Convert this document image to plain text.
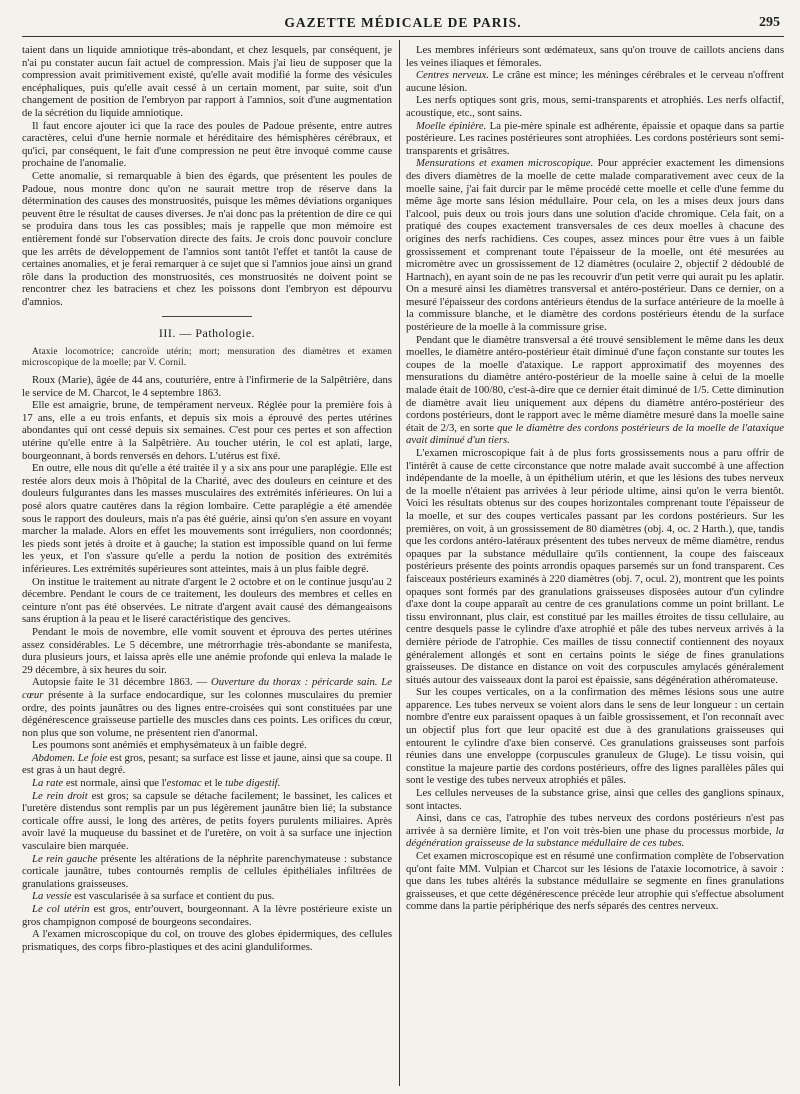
GAZETTE MÉDICALE DE PARIS.	295

taient dans un liquide amniotique très-abondant, et chez lesquels, par conséquent, je n'ai pu constater aucun fait actuel de compression. Mais j'ai lieu de supposer que la compression avait primitivement existé, qu'elle avait modifié la forme des vésicules encéphaliques, puis qu'elle avait cessé à un certain moment, par suite, soit d'un changement de position de l'embryon par rapport à l'amnios, soit d'une augmentation de la sécrétion du liquide amniotique.

Il faut encore ajouter ici que la race des poules de Padoue présente, entre autres caractères, celui d'une hernie normale et héréditaire des hémisphères cérébraux, et qu'ici, par conséquent, le fait d'une compression ne peut être invoqué comme cause prochaine de l'anomalie.

Cette anomalie, si remarquable à bien des égards, que présentent les poules de Padoue, nous montre donc qu'on ne saurait mettre trop de réserve dans la détermination des causes des monstruosités, puisque les mêmes déviations organiques peuvent être le résultat de causes diverses. Je n'ai donc pas la prétention de dire ce qui se produira dans tous les cas possibles; mais je rappelle que mon mémoire est entièrement fondé sur l'observation directe des faits. Je crois donc pouvoir conclure que les arrêts de développement de l'amnios sont tantôt l'effet et tantôt la cause de certaines anomalies, et je ferai remarquer à ce sujet que si l'amnios joue ainsi un grand rôle dans la production des monstruosités, ces monstruosités ne doivent point se rencontrer chez les batraciens et chez les poissons dont l'embryon est dépourvu d'amnios.

III. — Pathologie.
Ataxie locomotrice; cancroïde utérin; mort; mensuration des diamètres et examen microscopique de la moelle; par V. Cornil.

Roux (Marie), âgée de 44 ans, couturière, entre à l'infirmerie de la Salpêtrière, dans le service de M. Charcot, le 4 septembre 1863.

Elle est amaigrie, brune, de tempérament nerveux. Réglée pour la première fois à 17 ans, elle a eu trois enfants, et depuis six mois a éprouvé des pertes utérines abondantes qui ont cessé depuis six semaines. C'est pour ces pertes et son affection utérine qu'elle entre à la Salpêtrière. Au toucher utérin, le col est aplati, large, bourgeonnant, à bords renversés en dehors. L'utérus est fixé.

En outre, elle nous dit qu'elle a été traitée il y a six ans pour une paraplégie. Elle est restée alors deux mois à l'hôpital de la Charité, avec des douleurs en ceinture et des douleurs fulgurantes dans les masses musculaires des extrémités inférieures. On lui a posé alors quatre cautères dans la région lombaire. Cette paraplégie a été amendée sous le rapport des douleurs, mais n'a pas été guérie, ainsi qu'on s'en assure en voyant marcher la malade. Alors en effet les mouvements sont irréguliers, non coordonnés; les pieds sont jetés à droite et à gauche; la station est impossible quand on lui ferme les yeux, et l'on s'assure qu'elle a perdu la notion de position des extrémités inférieures. Les extrémités supérieures sont atteintes, mais à un plus faible degré.

On institue le traitement au nitrate d'argent le 2 octobre et on le continue jusqu'au 2 décembre. Pendant le cours de ce traitement, les douleurs des membres et celles en ceinture n'ont pas été observées. Le nitrate d'argent avait causé des démangeaisons sans éruption à la peau et le liseré caractéristique des gencives.

Pendant le mois de novembre, elle vomit souvent et éprouva des pertes utérines assez considérables. Le 5 décembre, une métrorrhagie très-abondante se manifesta, dura plusieurs jours, et laissa après elle une anémie profonde qui enleva la malade le 29 décembre, à six heures du soir.

Autopsie faite le 31 décembre 1863. — Ouverture du thorax : péricarde sain. Le cœur présente à la surface endocardique, sur les colonnes musculaires du premier ordre, des points jaunâtres ou des lignes entre-croisées qui sont constituées par une dégénérescence graisseuse partielle des muscles dans ces points. Les orifices du cœur, non plus que son volume, ne présentent rien d'anormal.

Les poumons sont anémiés et emphysémateux à un faible degré.

Abdomen. Le foie est gros, pesant; sa surface est lisse et jaune, ainsi que sa coupe. Il est gras à un haut degré.

La rate est normale, ainsi que l'estomac et le tube digestif.

Le rein droit est gros; sa capsule se détache facilement; le bassinet, les calices et l'uretère distendus sont remplis par un pus légèrement jaunâtre bien lié; la substance corticale offre aussi, le long des artères, de petits foyers purulents miliaires. Après avoir lavé la muqueuse du bassinet et de l'uretère, on voit à sa surface une injection vasculaire bien marquée.

Le rein gauche présente les altérations de la néphrite parenchymateuse : substance corticale jaunâtre, tubes contournés remplis de cellules épithéliales infiltrées de granulations graisseuses.

La vessie est vascularisée à sa surface et contient du pus.

Le col utérin est gros, entr'ouvert, bourgeonnant. A la lèvre postérieure existe un gros champignon composé de bourgeons secondaires.

A l'examen microscopique du col, on trouve des globes épidermiques, des cellules prismatiques, des corps fibro-plastiques et des acini glanduliformes.

Les membres inférieurs sont œdémateux, sans qu'on trouve de caillots anciens dans les veines iliaques et fémorales.

Centres nerveux. Le crâne est mince; les méninges cérébrales et le cerveau n'offrent aucune lésion.

Les nerfs optiques sont gris, mous, semi-transparents et atrophiés. Les nerfs olfactif, acoustique, etc., sont sains.

Moelle épinière. La pie-mère spinale est adhérente, épaissie et opaque dans sa partie postérieure. Les racines postérieures sont atrophiées. Les cordons postérieurs sont semi-transparents et grisâtres.

Mensurations et examen microscopique. Pour apprécier exactement les dimensions des divers diamètres de la moelle de cette malade comparativement avec ceux de la moelle saine, j'ai fait durcir par le même procédé cette moelle et celle d'une femme du même âge morte sans lésion médullaire. Pour cela, on les a mises deux jours dans l'alcool, puis deux ou trois jours dans une solution d'acide chromique. Cela fait, on a pratiqué des coupes exactement transversales de ces deux moelles à chacune des origines des nerfs rachidiens. Ces coupes, assez minces pour être vues à un faible grossissement et comprenant toute l'épaisseur de la moelle, ont été mesurées au micromètre avec un grossissement de 12 diamètres (oculaire 2, objectif 2 dédoublé de Hartnach), en ayant soin de ne pas les recouvrir d'un petit verre qui aurait pu les aplatir. On a mesuré ainsi les diamètres transversal et antéro-postérieur. Dans ce dernier, on a mesuré l'épaisseur des cordons antérieurs étendus de la surface antérieure de la moelle à la commissure blanche, et le diamètre des cordons postérieurs étendu de la surface postérieure de la moelle à la commissure grise.

Pendant que le diamètre transversal a été trouvé sensiblement le même dans les deux moelles, le diamètre antéro-postérieur était diminué d'une façon constante sur toutes les coupes de la moelle d'ataxique. Le rapport approximatif des moyennes des mensurations du diamètre antéro-postérieur de la moelle saine à celui de la moelle malade était de 100/80, c'est-à-dire que ce dernier était diminué de 1/5. Cette diminution de diamètre avait lieu uniquement aux dépens du diamètre antéro-postérieur des cordons postérieurs, dont le rapport avec le même diamètre mesuré dans la moelle saine était de 2/3, en sorte que le diamètre des cordons postérieurs de la moelle de l'ataxique avait diminué d'un tiers.

L'examen microscopique fait à de plus forts grossissements nous a paru offrir de l'intérêt à cause de cette circonstance que notre malade avait succombé à une affection indépendante de la moelle, à un épithélium utérin, et que les lésions des tubes nerveux de la moelle n'étaient pas arrivées à leur période ultime, ainsi qu'on le verra bientôt. Voici les résultats obtenus sur des coupes horizontales comprenant toute l'épaisseur de la moelle, et sur des coupes verticales passant par les cordons postérieurs. Sur les premières, on voit, à un grossissement de 80 diamètres (obj. 4, oc. 2 Harth.), que, tandis que les cordons antéro-latéraux présentent des tubes nerveux de même diamètre, rendus opaques par la substance médullaire qu'ils contiennent, la coupe des faisceaux postérieurs présente des points arrondis opaques parsemés sur un fond transparent. Ces faisceaux postérieurs examinés à 220 diamètres (obj. 7, ocul. 2), montrent que les points opaques sont formés par des granulations graisseuses disposées autour d'un cylindre d'axe dont la coupe apparaît au centre de ces granulations comme un point brillant. Le tissu environnant, plus clair, est constitué par les mailles étroites de tissu cellulaire, au centre desquels passe le cylindre d'axe atrophié et pâle des tubes nerveux arrivés à la dernière période de l'atrophie. Ces mailles de tissu connectif contiennent des noyaux généralement allongés et sont en certains points le siége de fines granulations graisseuses. De distance en distance on voit des corpuscules amylacés généralement situés autour des vaisseaux dont la paroi est épaissie, sans dégénération athéromateuse.

Sur les coupes verticales, on a la confirmation des mêmes lésions sous une autre apparence. Les tubes nerveux se voient alors dans le sens de leur longueur : un certain nombre d'entre eux paraissent opaques à un faible grossissement, et l'on reconnaît avec un objectif plus fort que leur opacité est due à des granulations graisseuses qui entourent le cylindre d'axe bien conservé. Ces granulations graisseuses sont parfois réunies dans une enveloppe (corpuscules granuleux de Gluge). Le tissu voisin, qui constitue la majeure partie des cordons postérieurs, offre des lignes parallèles pâles qui sont le vestige des tubes nerveux atrophiés et pâles.

Les cellules nerveuses de la substance grise, ainsi que celles des ganglions spinaux, sont intactes.

Ainsi, dans ce cas, l'atrophie des tubes nerveux des cordons postérieurs n'est pas arrivée à sa dernière limite, et l'on voit très-bien une phase du processus morbide, la dégénération graisseuse de la substance médullaire de ces tubes.

Cet examen microscopique est en résumé une confirmation complète de l'observation qu'ont faite MM. Vulpian et Charcot sur les lésions de l'ataxie locomotrice, à savoir : que dans les tubes altérés la substance médullaire se segmente en fines granulations graisseuses, et que cette dégénérescence précède leur atrophie qui s'effectue absolument comme dans la partie périphérique des nerfs séparés des centres nerveux.
